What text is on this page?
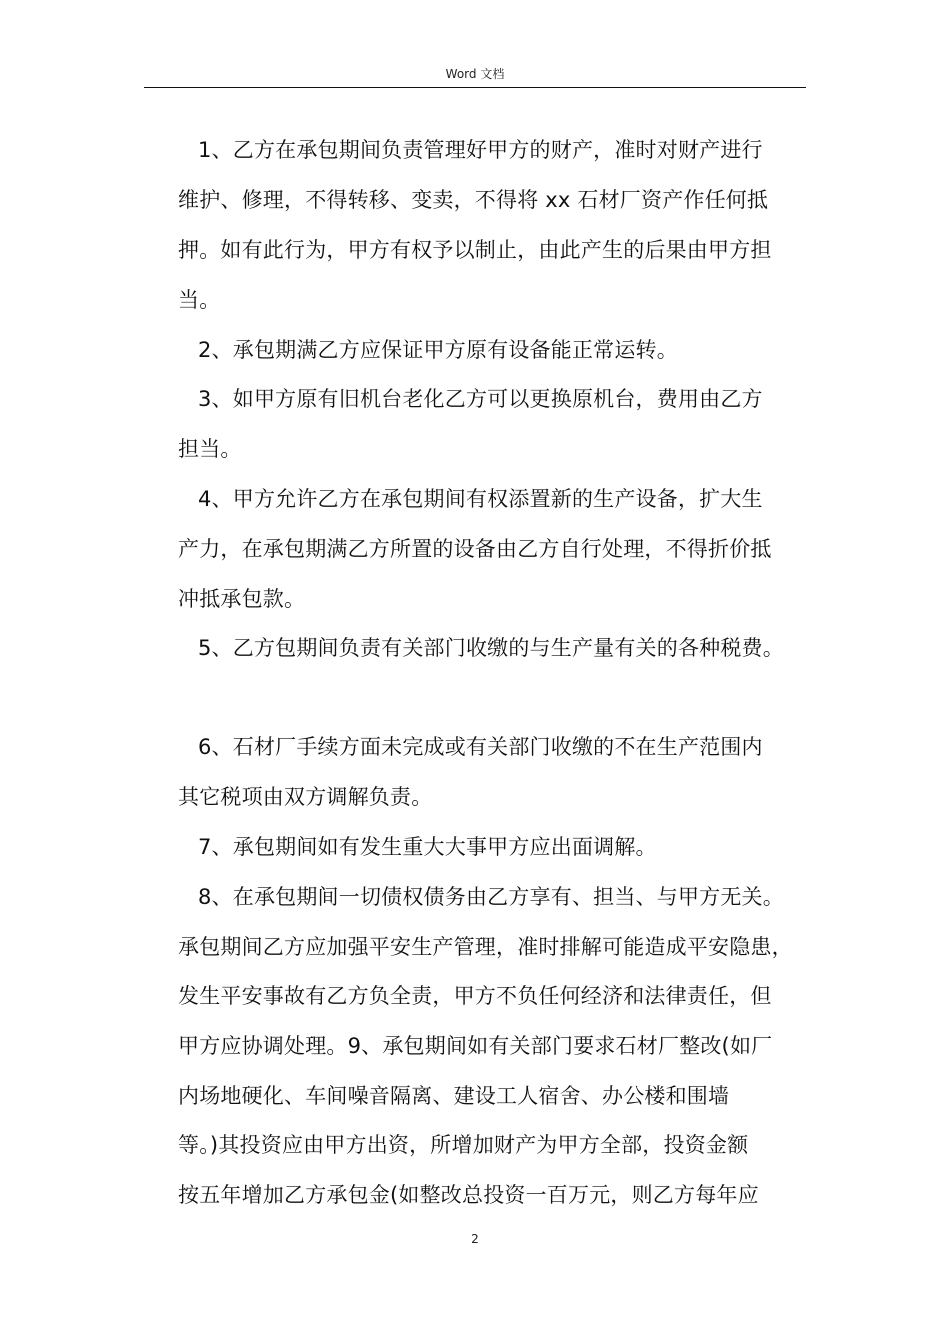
Word 文档
1、乙方在承包期间负责管理好甲方的财产，准时对财产进行
维护、修理，不得转移、变卖，不得将 xx 石材厂资产作任何抵
押。如有此行为，甲方有权予以制止，由此产生的后果由甲方担
当。
2、承包期满乙方应保证甲方原有设备能正常运转。
3、如甲方原有旧机台老化乙方可以更换原机台，费用由乙方
担当。
4、甲方允许乙方在承包期间有权添置新的生产设备，扩大生
产力，在承包期满乙方所置的设备由乙方自行处理，不得折价抵
冲抵承包款。
5、乙方包期间负责有关部门收缴的与生产量有关的各种税费。
6、石材厂手续方面未完成或有关部门收缴的不在生产范围内
其它税项由双方调解负责。
7、承包期间如有发生重大大事甲方应出面调解。
8、在承包期间一切债权债务由乙方享有、担当、与甲方无关。
承包期间乙方应加强平安生产管理，准时排解可能造成平安隐患，
发生平安事故有乙方负全责，甲方不负任何经济和法律责任，但
甲方应协调处理。9、承包期间如有关部门要求石材厂整改(如厂
内场地硬化、车间噪音隔离、建设工人宿舍、办公楼和围墙
等。)其投资应由甲方出资，所增加财产为甲方全部，投资金额
按五年增加乙方承包金(如整改总投资一百万元，则乙方每年应
2
